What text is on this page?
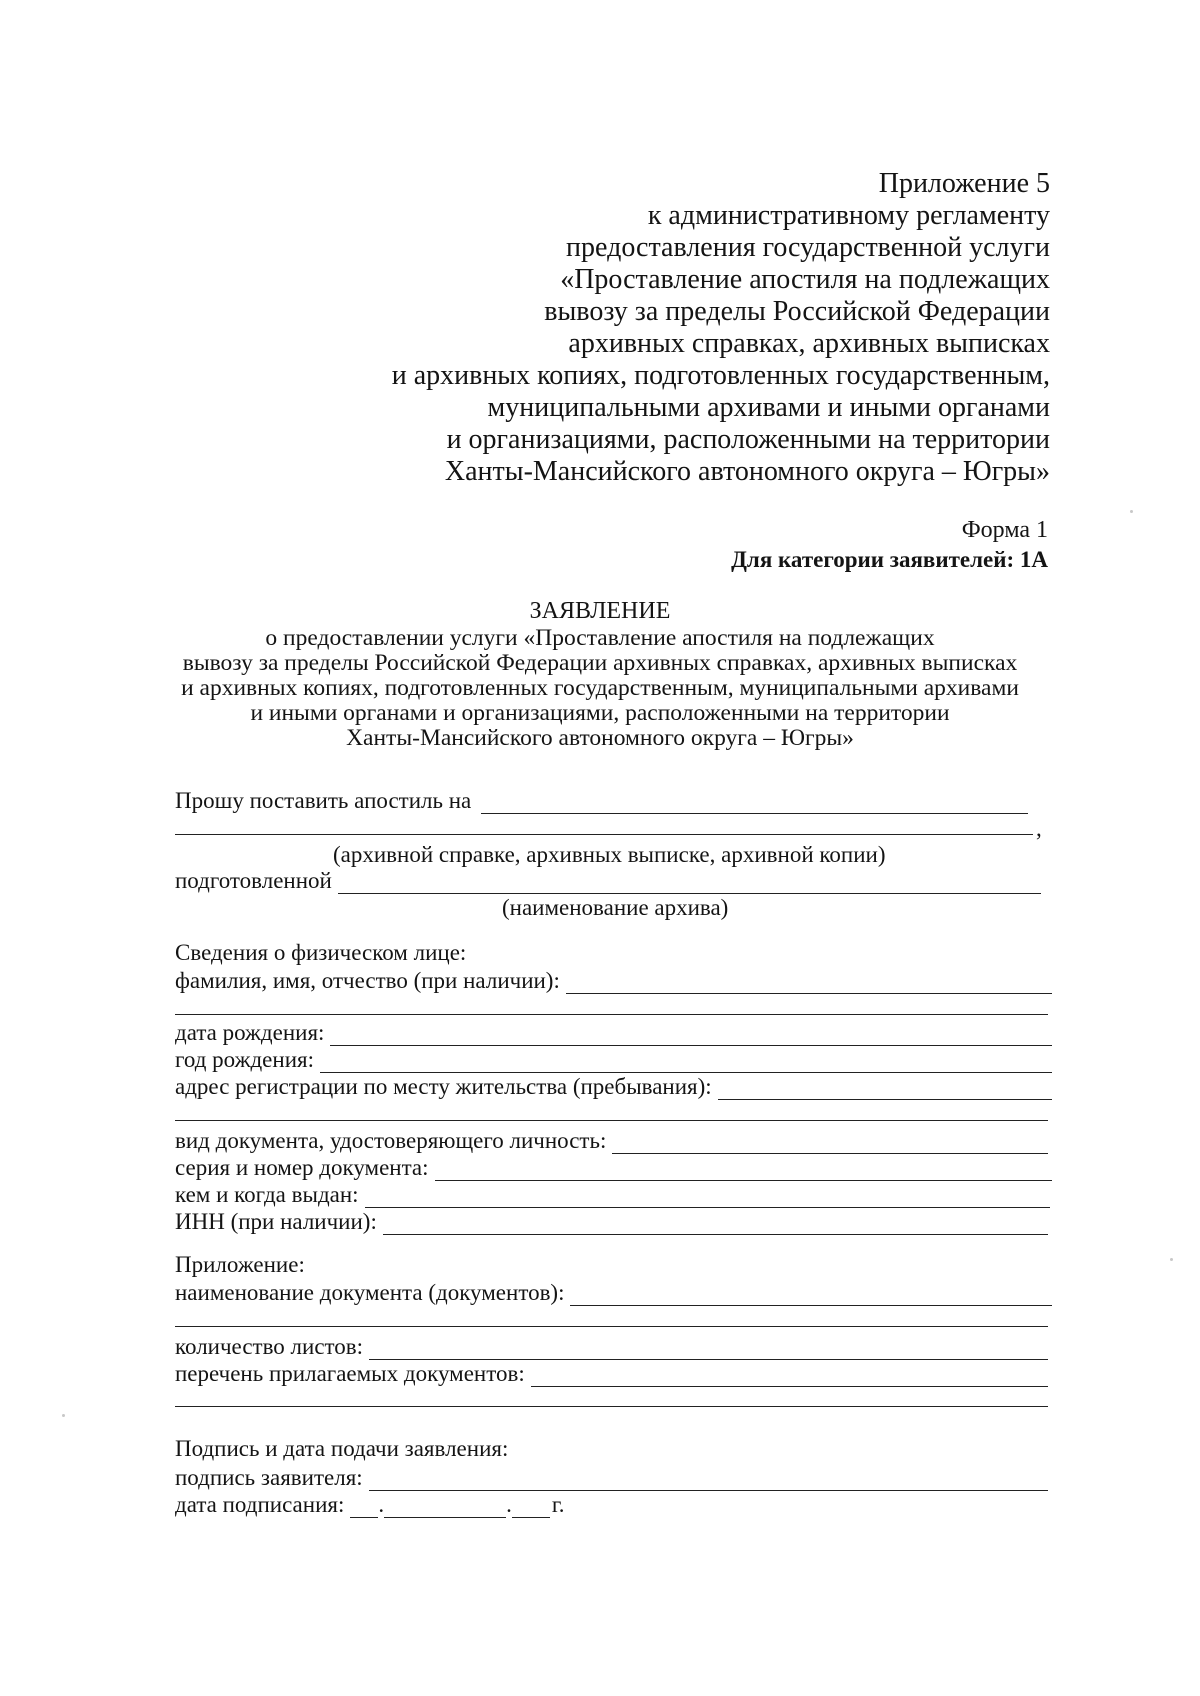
Приложение 5
к административному регламенту
предоставления государственной услуги
«Проставление апостиля на подлежащих
вывозу за пределы Российской Федерации
архивных справках, архивных выписках
и архивных копиях, подготовленных государственным,
муниципальными архивами и иными органами
и организациями, расположенными на территории
Ханты-Мансийского автономного округа – Югры»
Форма 1
Для категории заявителей: 1А
ЗАЯВЛЕНИЕ
о предоставлении услуги «Проставление апостиля на подлежащих
вывозу за пределы Российской Федерации архивных справках, архивных выписках
и архивных копиях, подготовленных государственным, муниципальными архивами
и иными органами и организациями, расположенными на территории
Ханты-Мансийского автономного округа – Югры»
Прошу поставить апостиль на
,
(архивной справке, архивных выписке, архивной копии)
подготовленной
(наименование архива)
Сведения о физическом лице:
фамилия, имя, отчество (при наличии):
дата рождения:
год рождения:
адрес регистрации по месту жительства (пребывания):
вид документа, удостоверяющего личность:
серия и номер документа:
кем и когда выдан:
ИНН (при наличии):
Приложение:
наименование документа (документов):
количество листов:
перечень прилагаемых документов:
Подпись и дата подачи заявления:
подпись заявителя:
дата подписания: .	. г.
